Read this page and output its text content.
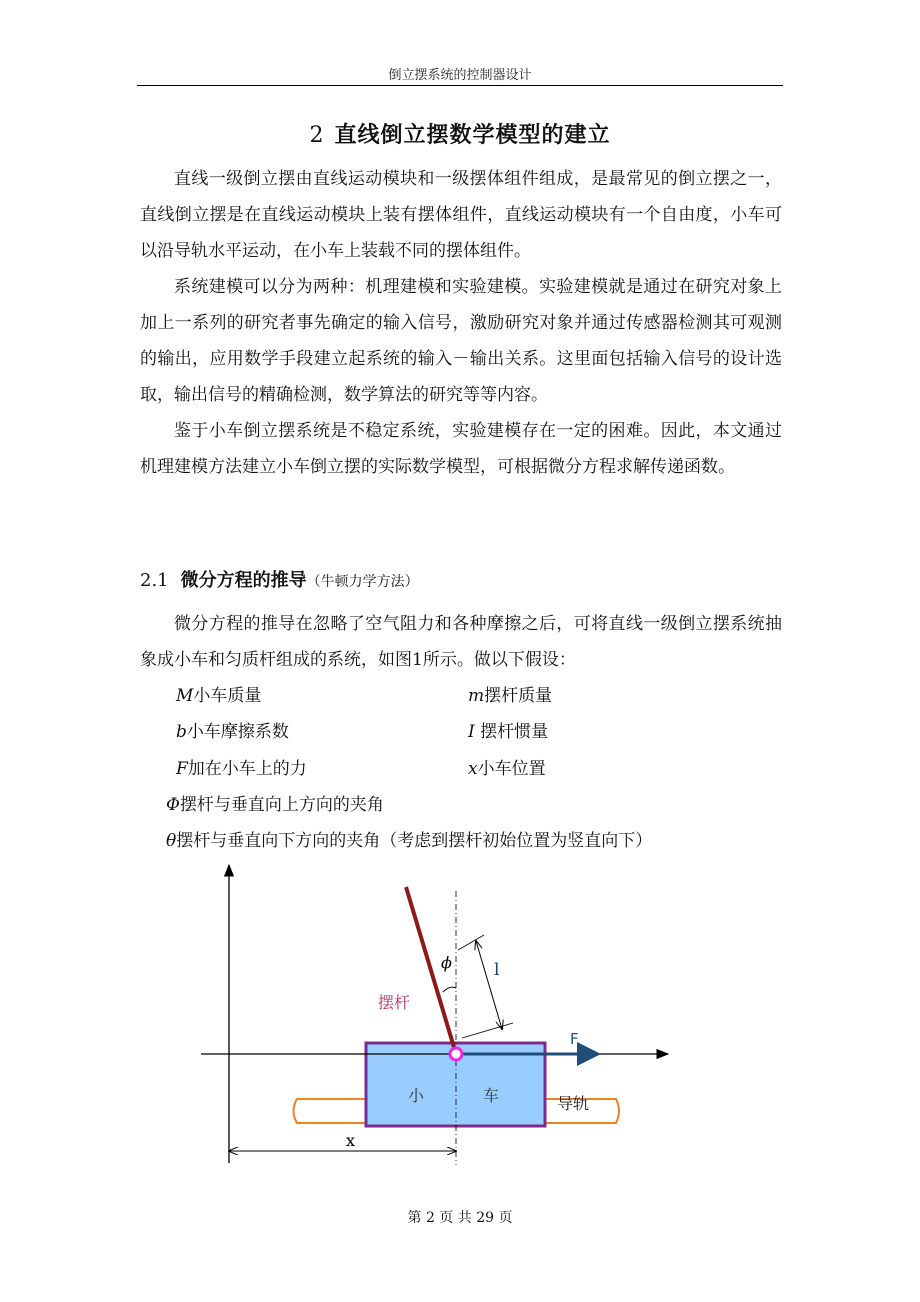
倒立摆系统的控制器设计
2 直线倒立摆数学模型的建立

直线一级倒立摆由直线运动模块和一级摆体组件组成，是最常见的倒立摆之一，直线倒立摆是在直线运动模块上装有摆体组件，直线运动模块有一个自由度，小车可以沿导轨水平运动，在小车上装载不同的摆体组件。

系统建模可以分为两种：机理建模和实验建模。实验建模就是通过在研究对象上加上一系列的研究者事先确定的输入信号，激励研究对象并通过传感器检测其可观测的输出，应用数学手段建立起系统的输入－输出关系。这里面包括输入信号的设计选取，输出信号的精确检测，数学算法的研究等等内容。

鉴于小车倒立摆系统是不稳定系统，实验建模存在一定的困难。因此，本文通过机理建模方法建立小车倒立摆的实际数学模型，可根据微分方程求解传递函数。

2.1 微分方程的推导（牛顿力学方法）

微分方程的推导在忽略了空气阻力和各种摩擦之后，可将直线一级倒立摆系统抽象成小车和匀质杆组成的系统，如图1所示。做以下假设：

M小车质量	m摆杆质量
b小车摩擦系数	I 摆杆惯量
F加在小车上的力	x小车位置
Φ摆杆与垂直向上方向的夹角
θ摆杆与垂直向下方向的夹角（考虑到摆杆初始位置为竖直向下）
摆杆
ϕ l
F
小	车	导轨
x
第 2 页 共 29 页
